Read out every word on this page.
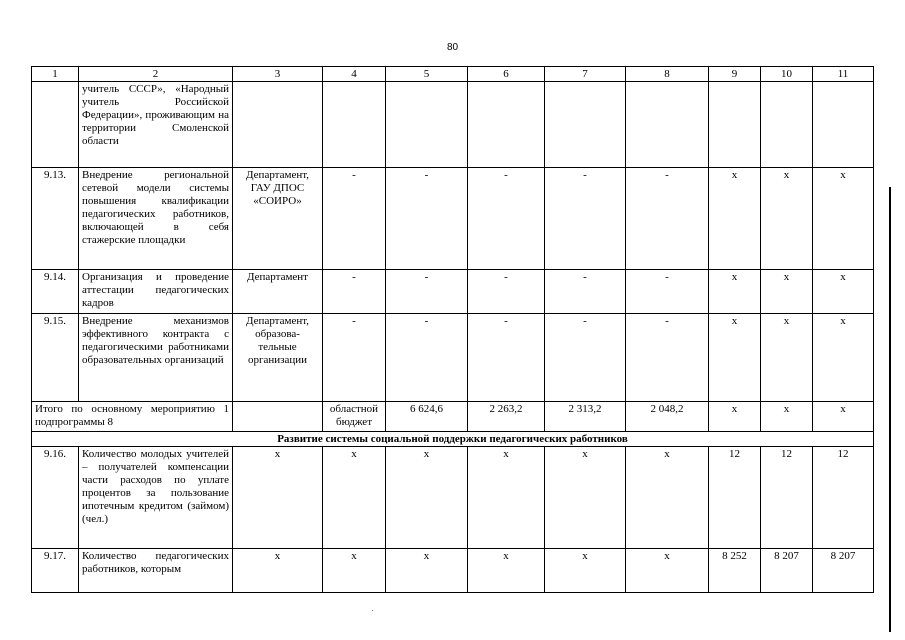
80
1	2	3	4	5	6	7	8	9	10	11
	учитель СССР», «Народный учитель Российской Федерации», проживающим на территории Смоленской области									
9.13.	Внедрение региональной сетевой модели системы повышения квалификации педагогических работников, включающей в себя стажерские площадки	Департамент, ГАУ ДПОС «СОИРО»	-	-	-	-	-	x	x	x
9.14.	Организация и проведение аттестации педагогических кадров	Департамент	-	-	-	-	-	x	x	x
9.15.	Внедрение механизмов эффективного контракта с педагогическими работниками образовательных организаций	Департамент, образова-тельные организации	-	-	-	-	-	x	x	x
Итого по основному мероприятию 1 подпрограммы 8			областной бюджет	6 624,6	2 263,2	2 313,2	2 048,2	x	x	x
Развитие системы социальной поддержки педагогических работников										
9.16.	Количество молодых учителей – получателей компенсации части расходов по уплате процентов за пользование ипотечным кредитом (займом) (чел.)	x	x	x	x	x	x	12	12	12
9.17.	Количество педагогических работников, которым	x	x	x	x	x	x	8 252	8 207	8 207
